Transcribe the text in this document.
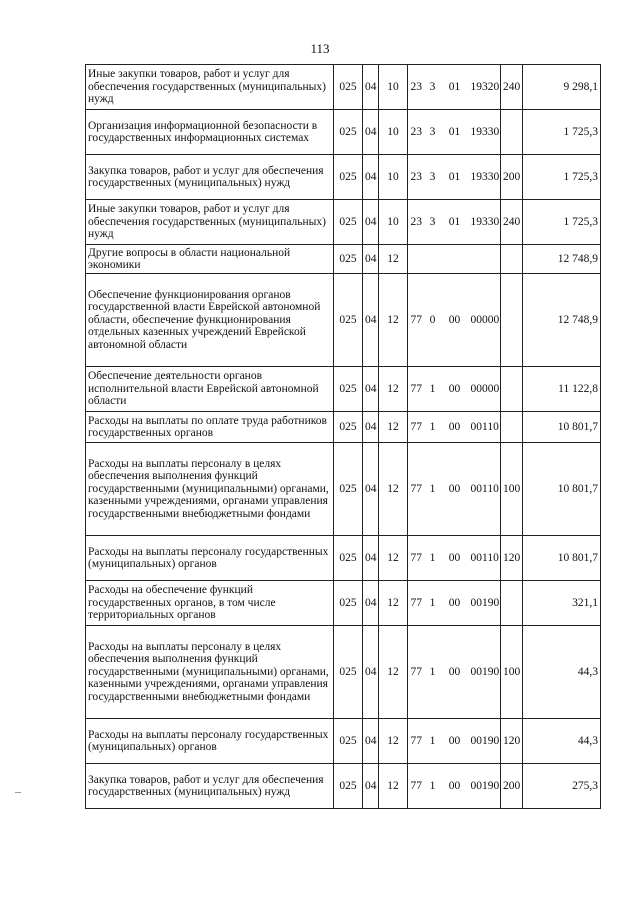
113
Иные закупки товаров, работ и услуг для обеспечения государственных (муниципальных) нужд	025	04	10	23	3	01	19320	240	9 298,1
Организация информационной безопасности в государственных информационных системах	025	04	10	23	3	01	19330		1 725,3
Закупка товаров, работ и услуг для обеспечения государственных (муниципальных) нужд	025	04	10	23	3	01	19330	200	1 725,3
Иные закупки товаров, работ и услуг для обеспечения государственных (муниципальных) нужд	025	04	10	23	3	01	19330	240	1 725,3
Другие вопросы в области национальной экономики	025	04	12						12 748,9
Обеспечение функционирования органов государственной власти Еврейской автономной области, обеспечение функционирования отдельных казенных учреждений Еврейской автономной области	025	04	12	77	0	00	00000		12 748,9
Обеспечение деятельности органов исполнительной власти Еврейской автономной области	025	04	12	77	1	00	00000		11 122,8
Расходы на выплаты по оплате труда работников государственных органов	025	04	12	77	1	00	00110		10 801,7
Расходы на выплаты персоналу в целях обеспечения выполнения функций государственными (муниципальными) органами, казенными учреждениями, органами управления государственными внебюджетными фондами	025	04	12	77	1	00	00110	100	10 801,7
Расходы на выплаты персоналу государственных (муниципальных) органов	025	04	12	77	1	00	00110	120	10 801,7
Расходы на обеспечение функций государственных органов, в том числе территориальных органов	025	04	12	77	1	00	00190		321,1
Расходы на выплаты персоналу в целях обеспечения выполнения функций государственными (муниципальными) органами, казенными учреждениями, органами управления государственными внебюджетными фондами	025	04	12	77	1	00	00190	100	44,3
Расходы на выплаты персоналу государственных (муниципальных) органов	025	04	12	77	1	00	00190	120	44,3
Закупка товаров, работ и услуг для обеспечения государственных (муниципальных) нужд	025	04	12	77	1	00	00190	200	275,3
